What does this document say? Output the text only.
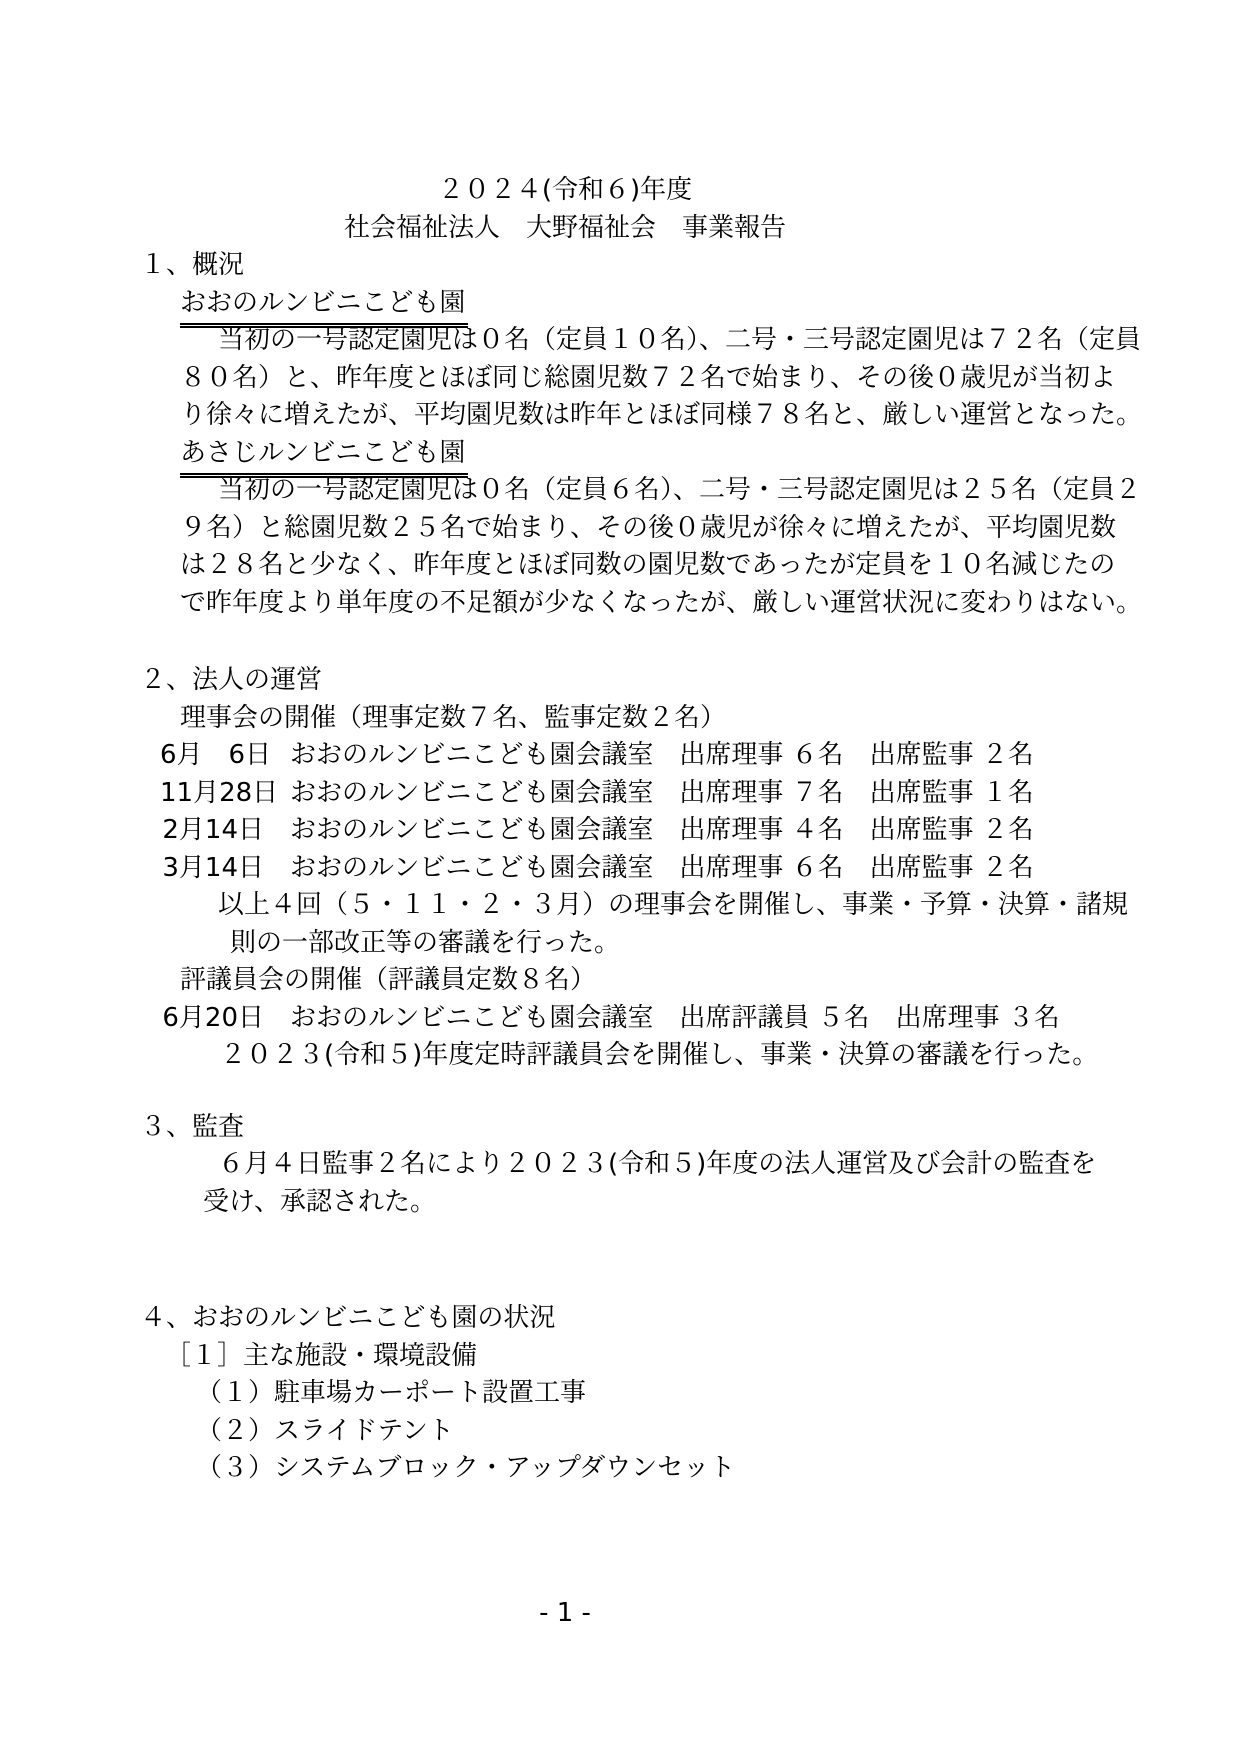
２０２４(令和６)年度
社会福祉法人　大野福祉会　事業報告
１、概況
おおのルンビニこども園
当初の一号認定園児は０名（定員１０名）、二号・三号認定園児は７２名（定員
８０名）と、昨年度とほぼ同じ総園児数７２名で始まり、その後０歳児が当初よ
り徐々に増えたが、平均園児数は昨年とほぼ同様７８名と、厳しい運営となった。
あさじルンビニこども園
当初の一号認定園児は０名（定員６名）、二号・三号認定園児は２５名（定員２
９名）と総園児数２５名で始まり、その後０歳児が徐々に増えたが、平均園児数
は２８名と少なく、昨年度とほぼ同数の園児数であったが定員を１０名減じたの
で昨年度より単年度の不足額が少なくなったが、厳しい運営状況に変わりはない。
２、法人の運営
理事会の開催（理事定数７名、監事定数２名）
6月　6日 おおのルンビニこども園会議室 出席理事 ６名　出席監事 ２名
11月28日 おおのルンビニこども園会議室 出席理事 ７名　出席監事 １名
2月14日 おおのルンビニこども園会議室 出席理事 ４名　出席監事 ２名
3月14日 おおのルンビニこども園会議室 出席理事 ６名　出席監事 ２名
以上４回（５・１１・２・３月）の理事会を開催し、事業・予算・決算・諸規
則の一部改正等の審議を行った。
評議員会の開催（評議員定数８名）
6月20日 おおのルンビニこども園会議室 出席評議員 ５名　出席理事 ３名
２０２３(令和５)年度定時評議員会を開催し、事業・決算の審議を行った。
３、監査
６月４日監事２名により２０２３(令和５)年度の法人運営及び会計の監査を
受け、承認された。
４、おおのルンビニこども園の状況
［１］主な施設・環境設備
（１）駐車場カーポート設置工事
（２）スライドテント
（３）システムブロック・アップダウンセット
- 1 -
